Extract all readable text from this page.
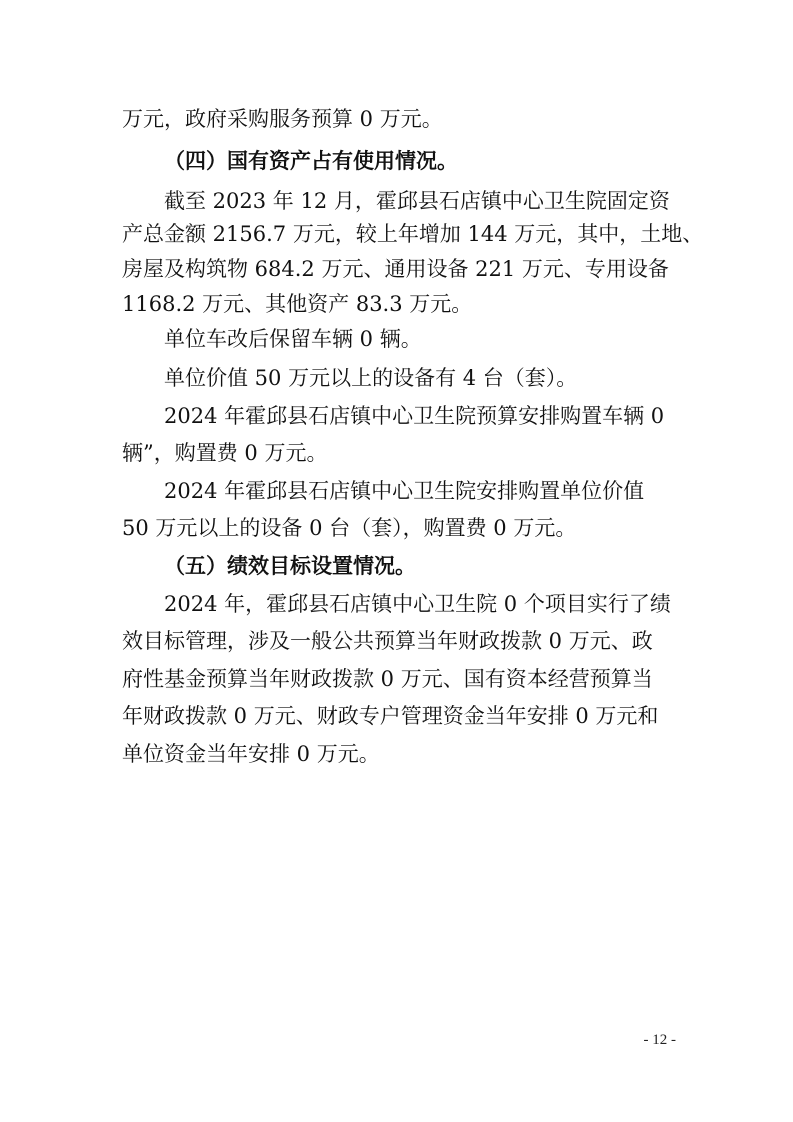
万元，政府采购服务预算 0 万元。
（四）国有资产占有使用情况。
截至 2023 年 12 月，霍邱县石店镇中心卫生院固定资
产总金额 2156.7 万元，较上年增加 144 万元，其中，土地、
房屋及构筑物 684.2 万元、通用设备 221 万元、专用设备
1168.2 万元、其他资产 83.3 万元。
单位车改后保留车辆 0 辆。
单位价值 50 万元以上的设备有 4 台（套）。
2024 年霍邱县石店镇中心卫生院预算安排购置车辆 0
辆”，购置费 0 万元。
2024 年霍邱县石店镇中心卫生院安排购置单位价值
50 万元以上的设备 0 台（套），购置费 0 万元。
（五）绩效目标设置情况。
2024 年，霍邱县石店镇中心卫生院 0 个项目实行了绩
效目标管理，涉及一般公共预算当年财政拨款 0 万元、政
府性基金预算当年财政拨款 0 万元、国有资本经营预算当
年财政拨款 0 万元、财政专户管理资金当年安排 0 万元和
单位资金当年安排 0 万元。
- 12 -
